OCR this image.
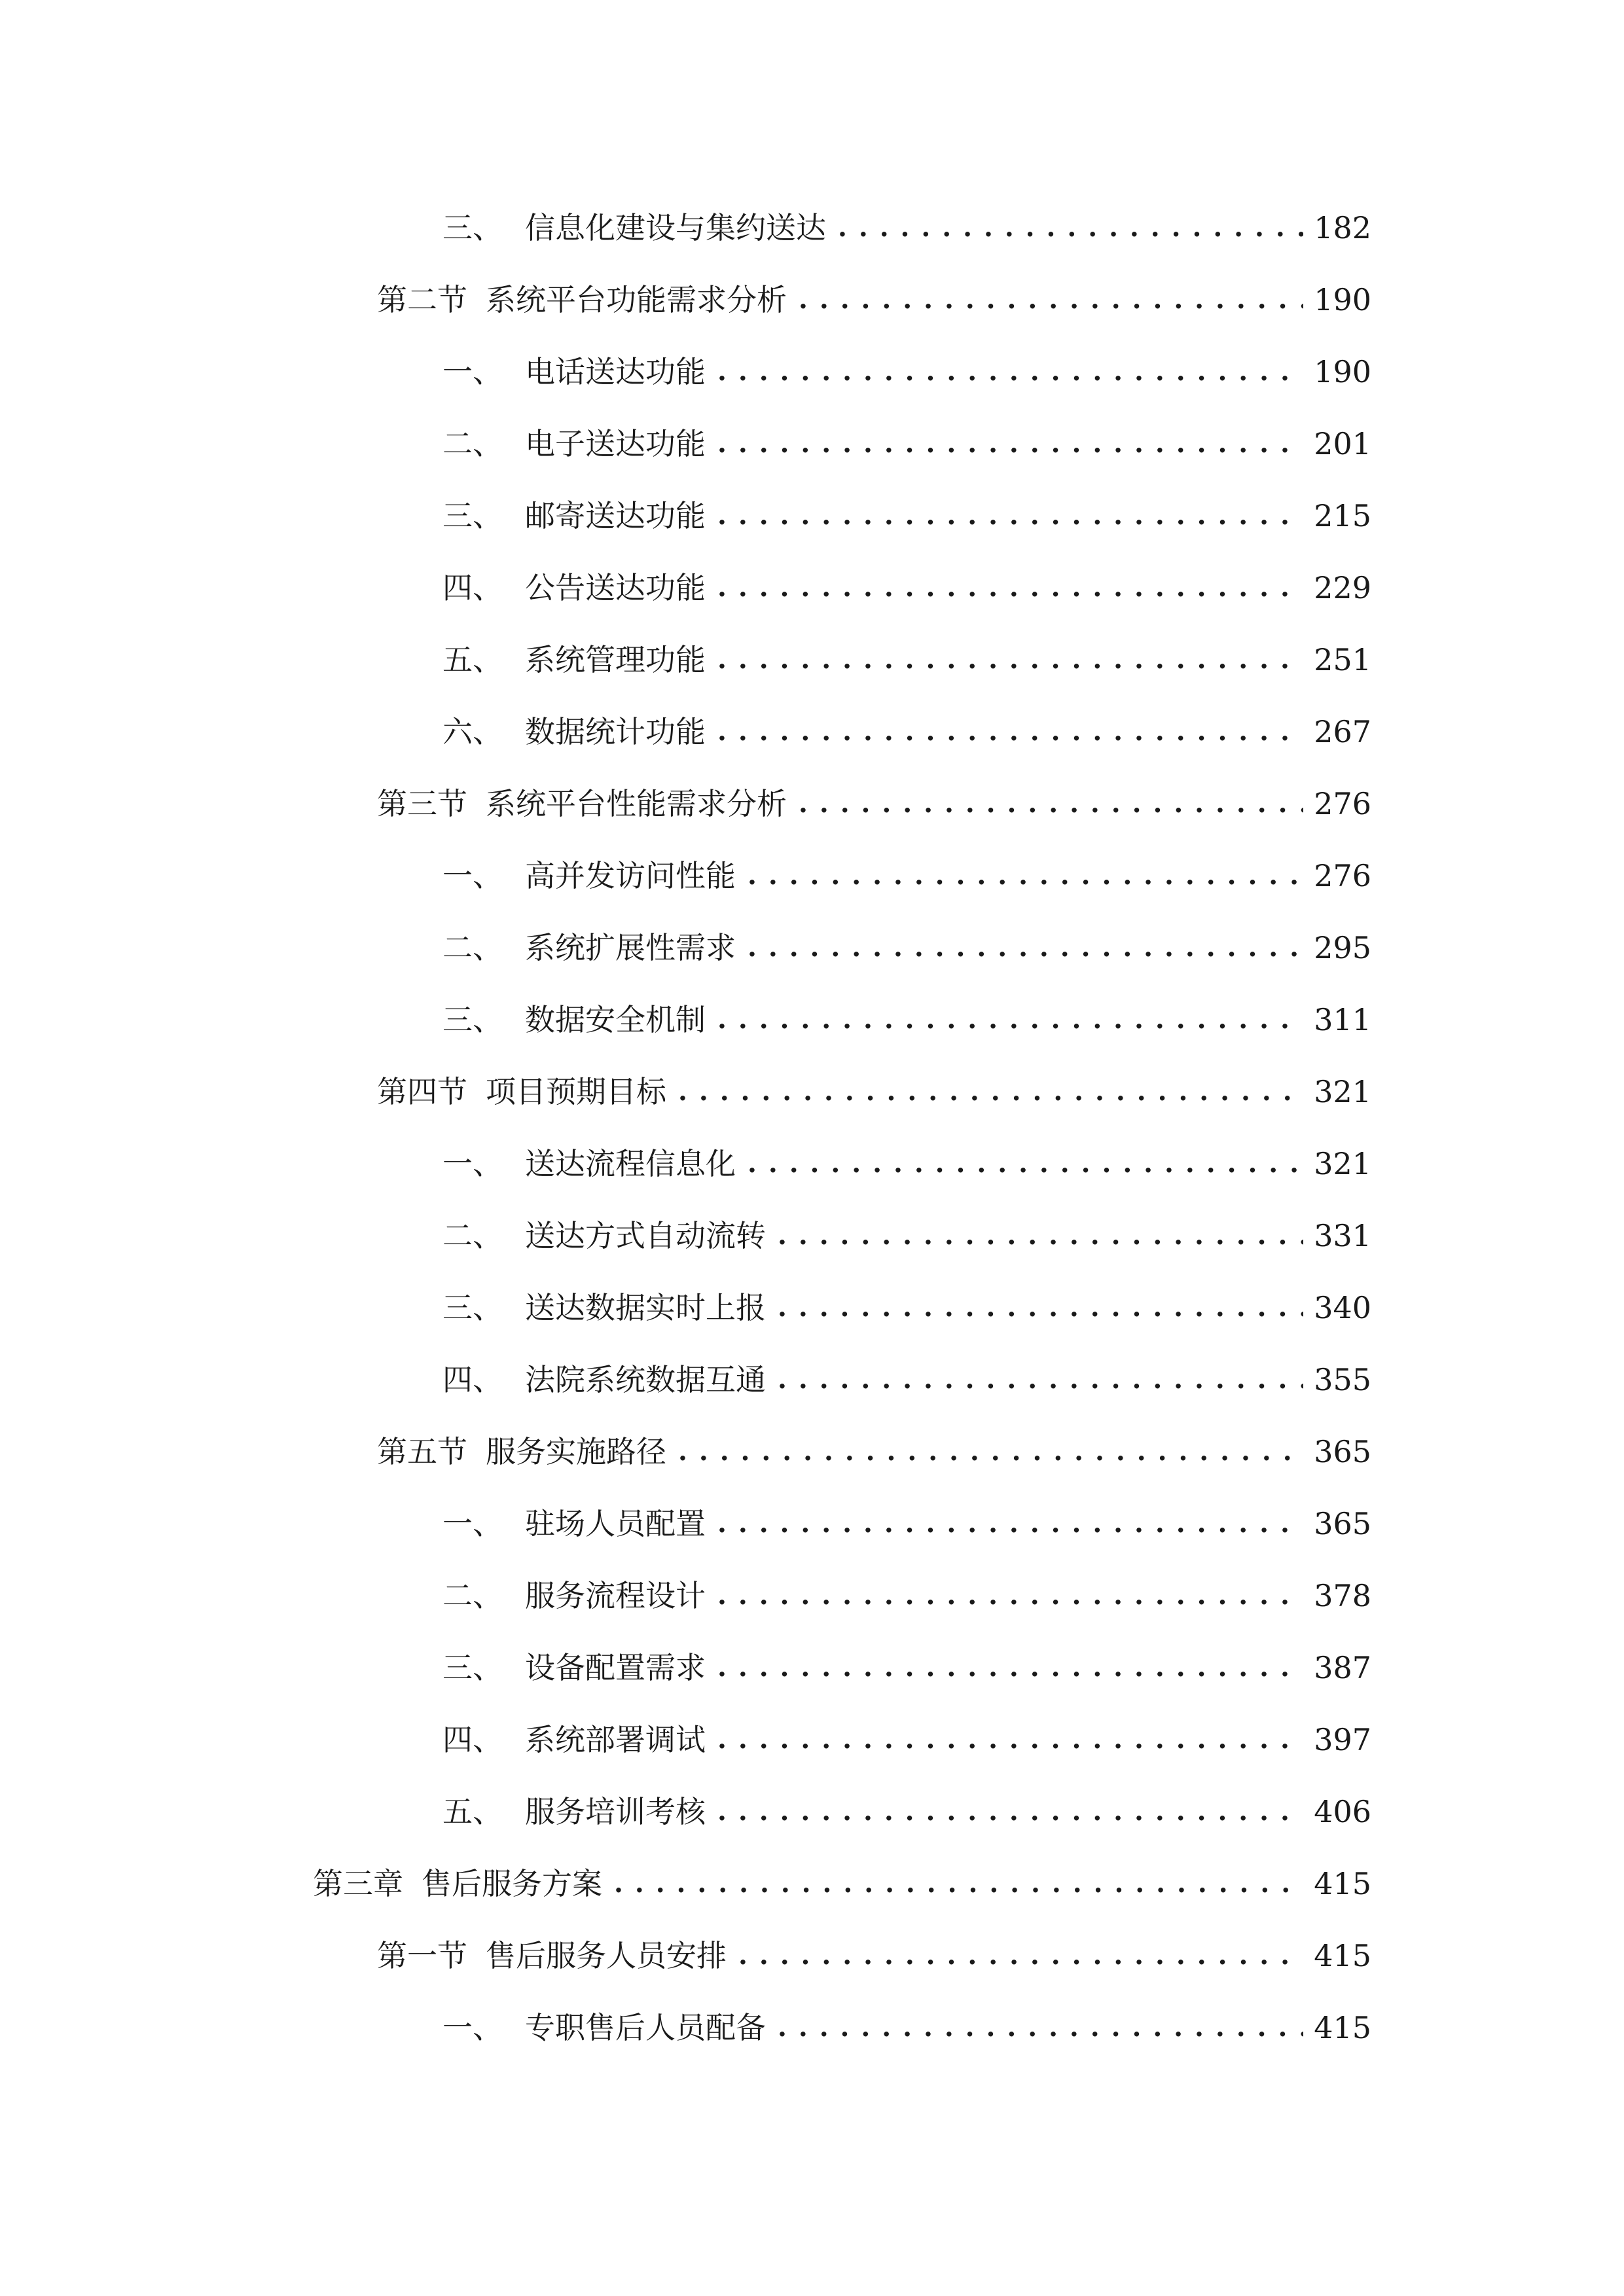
三、 信息化建设与集约送达 . . .	182
第二节 系统平台功能需求分析 . . .	190
一、 电话送达功能 . . .	190
二、 电子送达功能 . . .	201
三、 邮寄送达功能 . . .	215
四、 公告送达功能 . . .	229
五、 系统管理功能 . . .	251
六、 数据统计功能 . . .	267
第三节 系统平台性能需求分析 . . .	276
一、 高并发访问性能 . . .	276
二、 系统扩展性需求 . . .	295
三、 数据安全机制 . . .	311
第四节 项目预期目标 . . .	321
一、 送达流程信息化 . . .	321
二、 送达方式自动流转 . . .	331
三、 送达数据实时上报 . . .	340
四、 法院系统数据互通 . . .	355
第五节 服务实施路径 . . .	365
一、 驻场人员配置 . . .	365
二、 服务流程设计 . . .	378
三、 设备配置需求 . . .	387
四、 系统部署调试 . . .	397
五、 服务培训考核 . . .	406
第三章 售后服务方案 . . .	415
第一节 售后服务人员安排 . . .	415
一、 专职售后人员配备 . . .	415
